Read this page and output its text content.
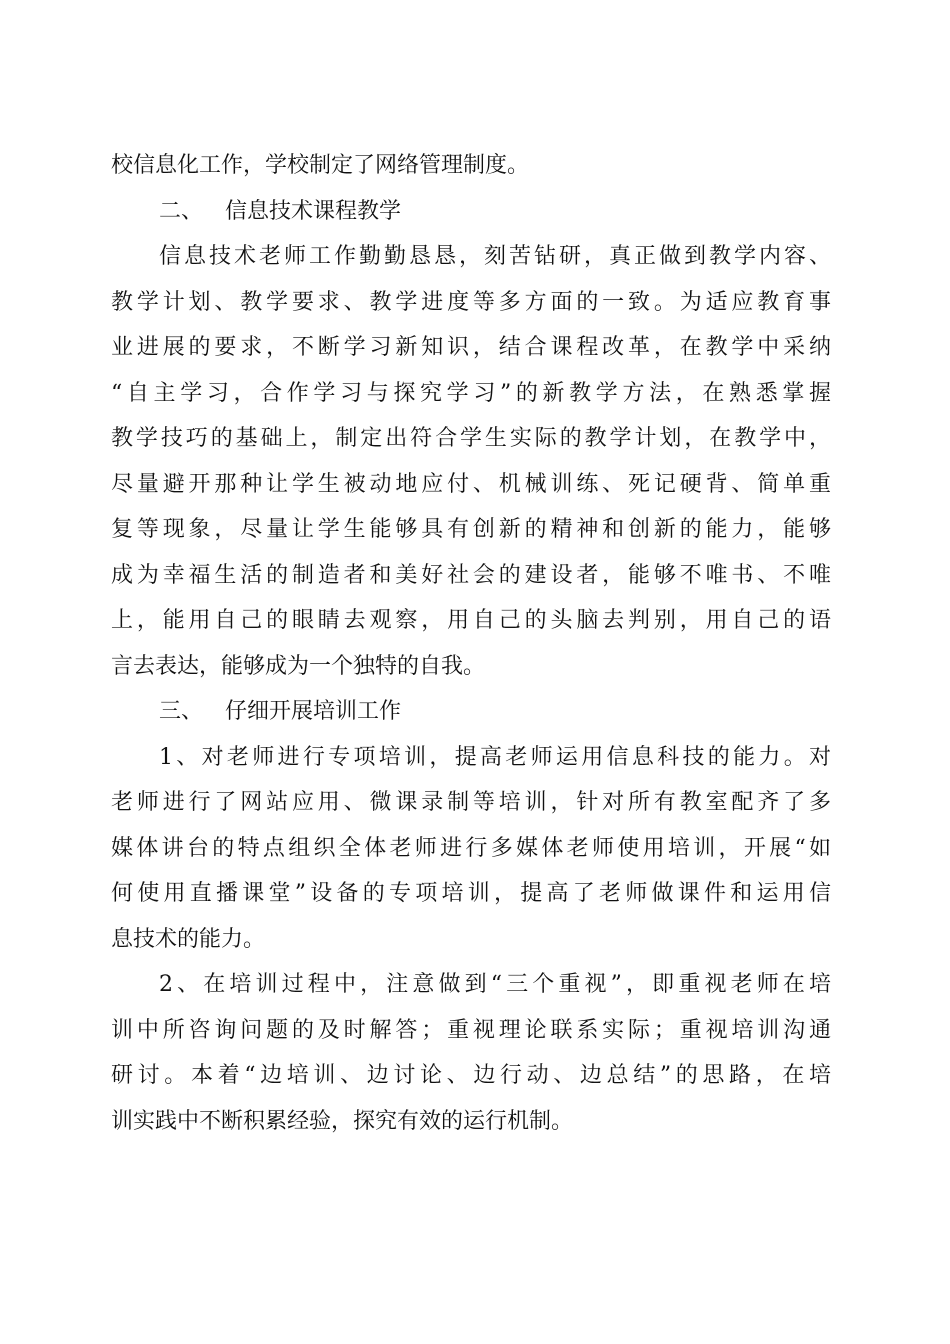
校信息化工作，学校制定了网络管理制度。
二、 信息技术课程教学
信息技术老师工作勤勤恳恳，刻苦钻研，真正做到教学内容、
教学计划、教学要求、教学进度等多方面的一致。为适应教育事
业进展的要求，不断学习新知识，结合课程改革，在教学中采纳
“自主学习，合作学习与探究学习”的新教学方法，在熟悉掌握
教学技巧的基础上，制定出符合学生实际的教学计划，在教学中，
尽量避开那种让学生被动地应付、机械训练、死记硬背、简单重
复等现象，尽量让学生能够具有创新的精神和创新的能力，能够
成为幸福生活的制造者和美好社会的建设者，能够不唯书、不唯
上，能用自己的眼睛去观察，用自己的头脑去判别，用自己的语
言去表达，能够成为一个独特的自我。
三、 仔细开展培训工作
1、对老师进行专项培训，提高老师运用信息科技的能力。对
老师进行了网站应用、微课录制等培训，针对所有教室配齐了多
媒体讲台的特点组织全体老师进行多媒体老师使用培训，开展“如
何使用直播课堂”设备的专项培训，提高了老师做课件和运用信
息技术的能力。
2、在培训过程中，注意做到“三个重视”，即重视老师在培
训中所咨询问题的及时解答；重视理论联系实际；重视培训沟通
研讨。本着“边培训、边讨论、边行动、边总结”的思路，在培
训实践中不断积累经验，探究有效的运行机制。
